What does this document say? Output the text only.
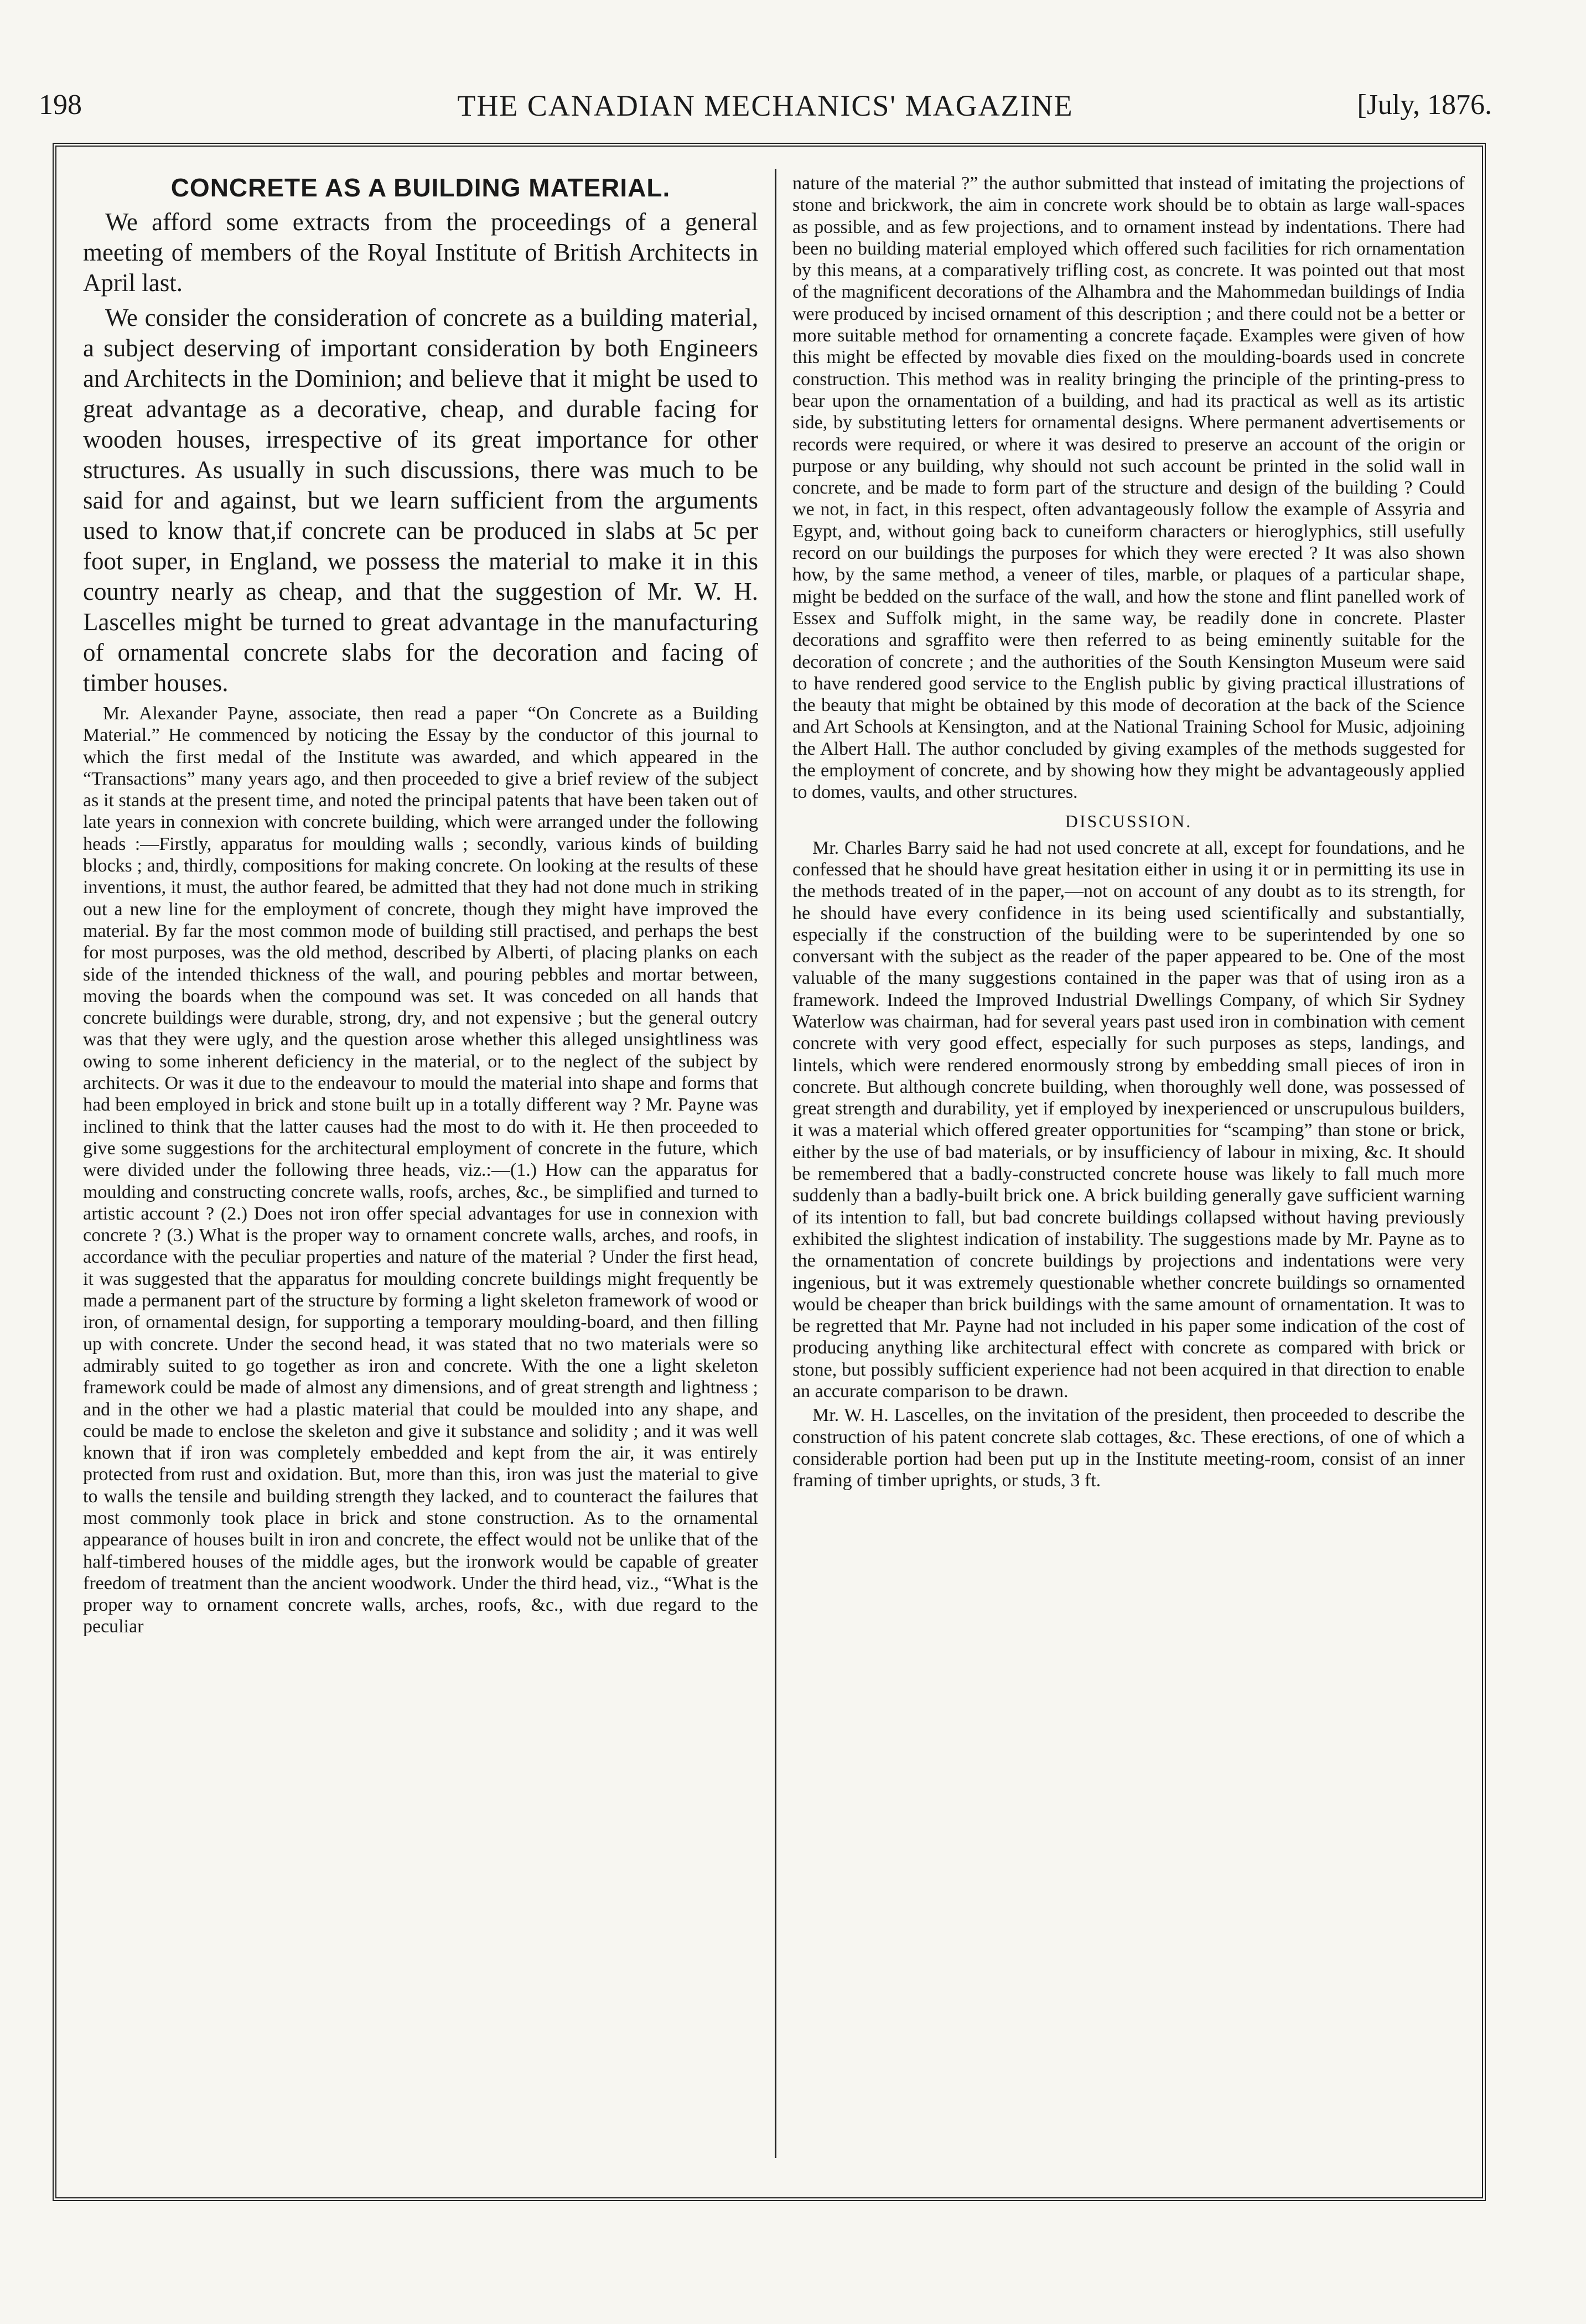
198	THE CANADIAN MECHANICS' MAGAZINE	[July, 1876.
CONCRETE AS A BUILDING MATERIAL.

We afford some extracts from the proceedings of a general meeting of members of the Royal Institute of British Architects in April last.

We consider the consideration of concrete as a building material, a subject deserving of important consideration by both Engineers and Architects in the Dominion; and believe that it might be used to great advantage as a decorative, cheap, and durable facing for wooden houses, irrespective of its great importance for other structures. As usually in such discussions, there was much to be said for and against, but we learn sufficient from the arguments used to know that,if concrete can be produced in slabs at 5c per foot super, in England, we possess the material to make it in this country nearly as cheap, and that the suggestion of Mr. W. H. Lascelles might be turned to great advantage in the manufacturing of ornamental concrete slabs for the decoration and facing of timber houses.

Mr. Alexander Payne, associate, then read a paper “On Concrete as a Building Material.” He commenced by noticing the Essay by the conductor of this journal to which the first medal of the Institute was awarded, and which appeared in the “Transactions” many years ago, and then proceeded to give a brief review of the subject as it stands at the present time, and noted the principal patents that have been taken out of late years in connexion with concrete building, which were arranged under the following heads :—Firstly, apparatus for moulding walls ; secondly, various kinds of building blocks ; and, thirdly, compositions for making concrete. On looking at the results of these inventions, it must, the author feared, be admitted that they had not done much in striking out a new line for the employment of concrete, though they might have improved the material. By far the most common mode of building still practised, and perhaps the best for most purposes, was the old method, described by Alberti, of placing planks on each side of the intended thickness of the wall, and pouring pebbles and mortar between, moving the boards when the compound was set. It was conceded on all hands that concrete buildings were durable, strong, dry, and not expensive ; but the general outcry was that they were ugly, and the question arose whether this alleged unsightliness was owing to some inherent deficiency in the material, or to the neglect of the subject by architects. Or was it due to the endeavour to mould the material into shape and forms that had been employed in brick and stone built up in a totally different way ? Mr. Payne was inclined to think that the latter causes had the most to do with it. He then proceeded to give some suggestions for the architectural employment of concrete in the future, which were divided under the following three heads, viz.:—(1.) How can the apparatus for moulding and constructing concrete walls, roofs, arches, &c., be simplified and turned to artistic account ? (2.) Does not iron offer special advantages for use in connexion with concrete ? (3.) What is the proper way to ornament concrete walls, arches, and roofs, in accordance with the peculiar properties and nature of the material ? Under the first head, it was suggested that the apparatus for moulding concrete buildings might frequently be made a permanent part of the structure by forming a light skeleton framework of wood or iron, of ornamental design, for supporting a temporary moulding-board, and then filling up with concrete. Under the second head, it was stated that no two materials were so admirably suited to go together as iron and concrete. With the one a light skeleton framework could be made of almost any dimensions, and of great strength and lightness ; and in the other we had a plastic material that could be moulded into any shape, and could be made to enclose the skeleton and give it substance and solidity ; and it was well known that if iron was completely embedded and kept from the air, it was entirely protected from rust and oxidation. But, more than this, iron was just the material to give to walls the tensile and building strength they lacked, and to counteract the failures that most commonly took place in brick and stone construction. As to the ornamental appearance of houses built in iron and concrete, the effect would not be unlike that of the half-timbered houses of the middle ages, but the ironwork would be capable of greater freedom of treatment than the ancient woodwork. Under the third head, viz., “What is the proper way to ornament concrete walls, arches, roofs, &c., with due regard to the peculiar

nature of the material ?” the author submitted that instead of imitating the projections of stone and brickwork, the aim in concrete work should be to obtain as large wall-spaces as possible, and as few projections, and to ornament instead by indentations. There had been no building material employed which offered such facilities for rich ornamentation by this means, at a comparatively trifling cost, as concrete. It was pointed out that most of the magnificent decorations of the Alhambra and the Mahommedan buildings of India were produced by incised ornament of this description ; and there could not be a better or more suitable method for ornamenting a concrete façade. Examples were given of how this might be effected by movable dies fixed on the moulding-boards used in concrete construction. This method was in reality bringing the principle of the printing-press to bear upon the ornamentation of a building, and had its practical as well as its artistic side, by substituting letters for ornamental designs. Where permanent advertisements or records were required, or where it was desired to preserve an account of the origin or purpose or any building, why should not such account be printed in the solid wall in concrete, and be made to form part of the structure and design of the building ? Could we not, in fact, in this respect, often advantageously follow the example of Assyria and Egypt, and, without going back to cuneiform characters or hieroglyphics, still usefully record on our buildings the purposes for which they were erected ? It was also shown how, by the same method, a veneer of tiles, marble, or plaques of a particular shape, might be bedded on the surface of the wall, and how the stone and flint panelled work of Essex and Suffolk might, in the same way, be readily done in concrete. Plaster decorations and sgraffito were then referred to as being eminently suitable for the decoration of concrete ; and the authorities of the South Kensington Museum were said to have rendered good service to the English public by giving practical illustrations of the beauty that might be obtained by this mode of decoration at the back of the Science and Art Schools at Kensington, and at the National Training School for Music, adjoining the Albert Hall. The author concluded by giving examples of the methods suggested for the employment of concrete, and by showing how they might be advantageously applied to domes, vaults, and other structures.

DISCUSSION.

Mr. Charles Barry said he had not used concrete at all, except for foundations, and he confessed that he should have great hesitation either in using it or in permitting its use in the methods treated of in the paper,—not on account of any doubt as to its strength, for he should have every confidence in its being used scientifically and substantially, especially if the construction of the building were to be superintended by one so conversant with the subject as the reader of the paper appeared to be. One of the most valuable of the many suggestions contained in the paper was that of using iron as a framework. Indeed the Improved Industrial Dwellings Company, of which Sir Sydney Waterlow was chairman, had for several years past used iron in combination with cement concrete with very good effect, especially for such purposes as steps, landings, and lintels, which were rendered enormously strong by embedding small pieces of iron in concrete. But although concrete building, when thoroughly well done, was possessed of great strength and durability, yet if employed by inexperienced or unscrupulous builders, it was a material which offered greater opportunities for “scamping” than stone or brick, either by the use of bad materials, or by insufficiency of labour in mixing, &c. It should be remembered that a badly-constructed concrete house was likely to fall much more suddenly than a badly-built brick one. A brick building generally gave sufficient warning of its intention to fall, but bad concrete buildings collapsed without having previously exhibited the slightest indication of instability. The suggestions made by Mr. Payne as to the ornamentation of concrete buildings by projections and indentations were very ingenious, but it was extremely questionable whether concrete buildings so ornamented would be cheaper than brick buildings with the same amount of ornamentation. It was to be regretted that Mr. Payne had not included in his paper some indication of the cost of producing anything like architectural effect with concrete as compared with brick or stone, but possibly sufficient experience had not been acquired in that direction to enable an accurate comparison to be drawn.

Mr. W. H. Lascelles, on the invitation of the president, then proceeded to describe the construction of his patent concrete slab cottages, &c. These erections, of one of which a considerable portion had been put up in the Institute meeting-room, consist of an inner framing of timber uprights, or studs, 3 ft.
